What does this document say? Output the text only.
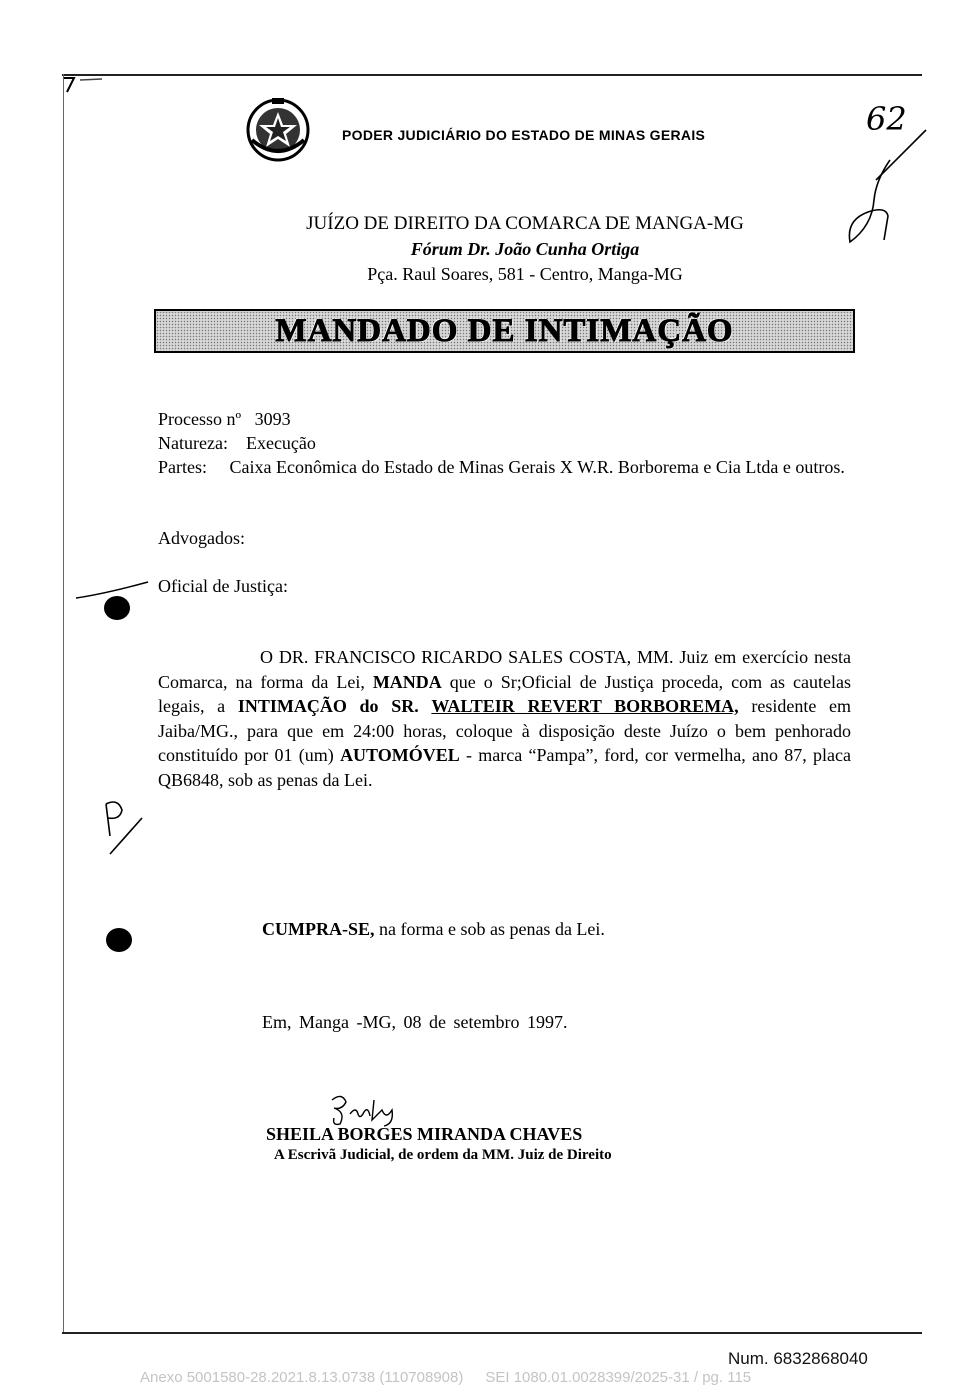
PODER JUDICIÁRIO DO ESTADO DE MINAS GERAIS
JUÍZO DE DIREITO DA COMARCA DE MANGA-MG
Fórum Dr. João Cunha Ortiga
Pça. Raul Soares, 581 - Centro, Manga-MG
MANDADO DE INTIMAÇÃO
Processo nº 3093
Natureza: Execução
Partes: Caixa Econômica do Estado de Minas Gerais X W.R. Borborema e Cia Ltda e outros.
Advogados:
Oficial de Justiça:
O DR. FRANCISCO RICARDO SALES COSTA, MM. Juiz em exercício nesta Comarca, na forma da Lei, MANDA que o Sr;Oficial de Justiça proceda, com as cautelas legais, a INTIMAÇÃO do SR. WALTEIR REVERT BORBOREMA, residente em Jaiba/MG., para que em 24:00 horas, coloque à disposição deste Juízo o bem penhorado constituído por 01 (um) AUTOMÓVEL - marca “Pampa”, ford, cor vermelha, ano 87, placa QB6848, sob as penas da Lei.
CUMPRA-SE, na forma e sob as penas da Lei.
Em, Manga -MG, 08 de setembro 1997.
SHEILA BORGES MIRANDA CHAVES
A Escrivã Judicial, de ordem da MM. Juiz de Direito
62
Num. 6832868040
Anexo 5001580-28.2021.8.13.0738 (110708908) SEI 1080.01.0028399/2025-31 / pg. 115
